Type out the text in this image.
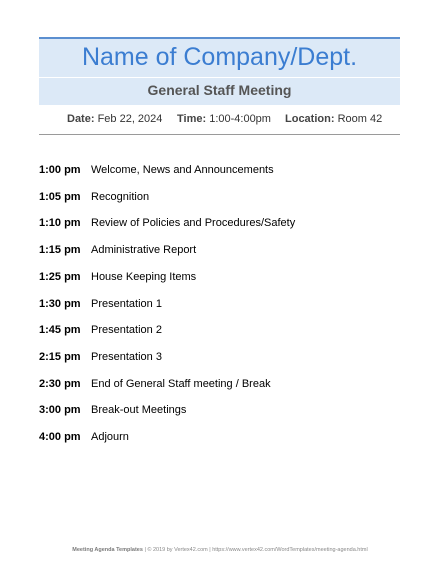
Name of Company/Dept.
General Staff Meeting
Date: Feb 22, 2024 Time: 1:00-4:00pm Location: Room 42
1:00 pm Welcome, News and Announcements
1:05 pm Recognition
1:10 pm Review of Policies and Procedures/Safety
1:15 pm Administrative Report
1:25 pm House Keeping Items
1:30 pm Presentation 1
1:45 pm Presentation 2
2:15 pm Presentation 3
2:30 pm End of General Staff meeting / Break
3:00 pm Break-out Meetings
4:00 pm Adjourn
Meeting Agenda Templates | © 2019 by Vertex42.com | https://www.vertex42.com/WordTemplates/meeting-agenda.html
